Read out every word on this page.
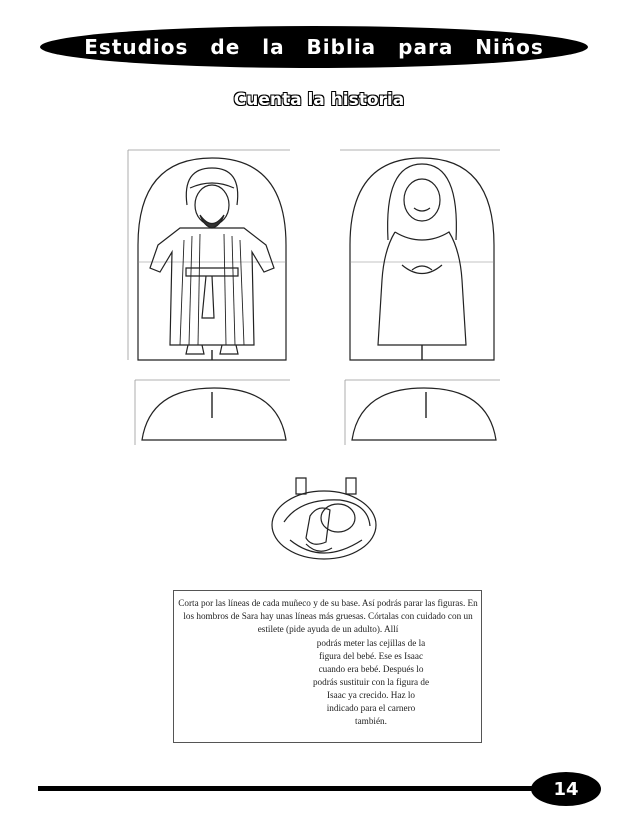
Estudios de la Biblia para Niños
Cuenta la historia

Corta por las líneas de cada muñeco y de su base. Así podrás parar las figuras. En los hombros de Sara hay unas líneas más gruesas. Córtalas con cuidado con un estilete (pide ayuda de un adulto). Allí

podrás meter las cejillas de la figura del bebé. Ese es Isaac cuando era bebé. Después lo podrás sustituir con la figura de Isaac ya crecido. Haz lo indicado para el carnero también.

14
